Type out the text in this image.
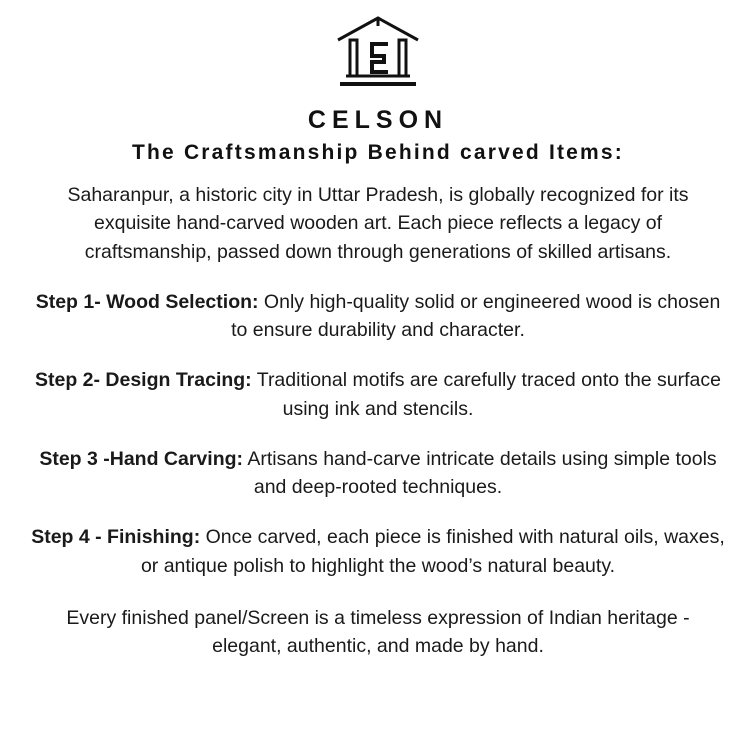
CELSON
The Craftsmanship Behind carved Items:
Saharanpur, a historic city in Uttar Pradesh, is globally recognized for its exquisite hand-carved wooden art. Each piece reflects a legacy of craftsmanship, passed down through generations of skilled artisans.
Step 1- Wood Selection: Only high-quality solid or engineered wood is chosen to ensure durability and character.
Step 2- Design Tracing: Traditional motifs are carefully traced onto the surface using ink and stencils.
Step 3 -Hand Carving: Artisans hand-carve intricate details using simple tools and deep-rooted techniques.
Step 4 - Finishing: Once carved, each piece is finished with natural oils, waxes, or antique polish to highlight the wood’s natural beauty.
Every finished panel/Screen is a timeless expression of Indian heritage - elegant, authentic, and made by hand.
